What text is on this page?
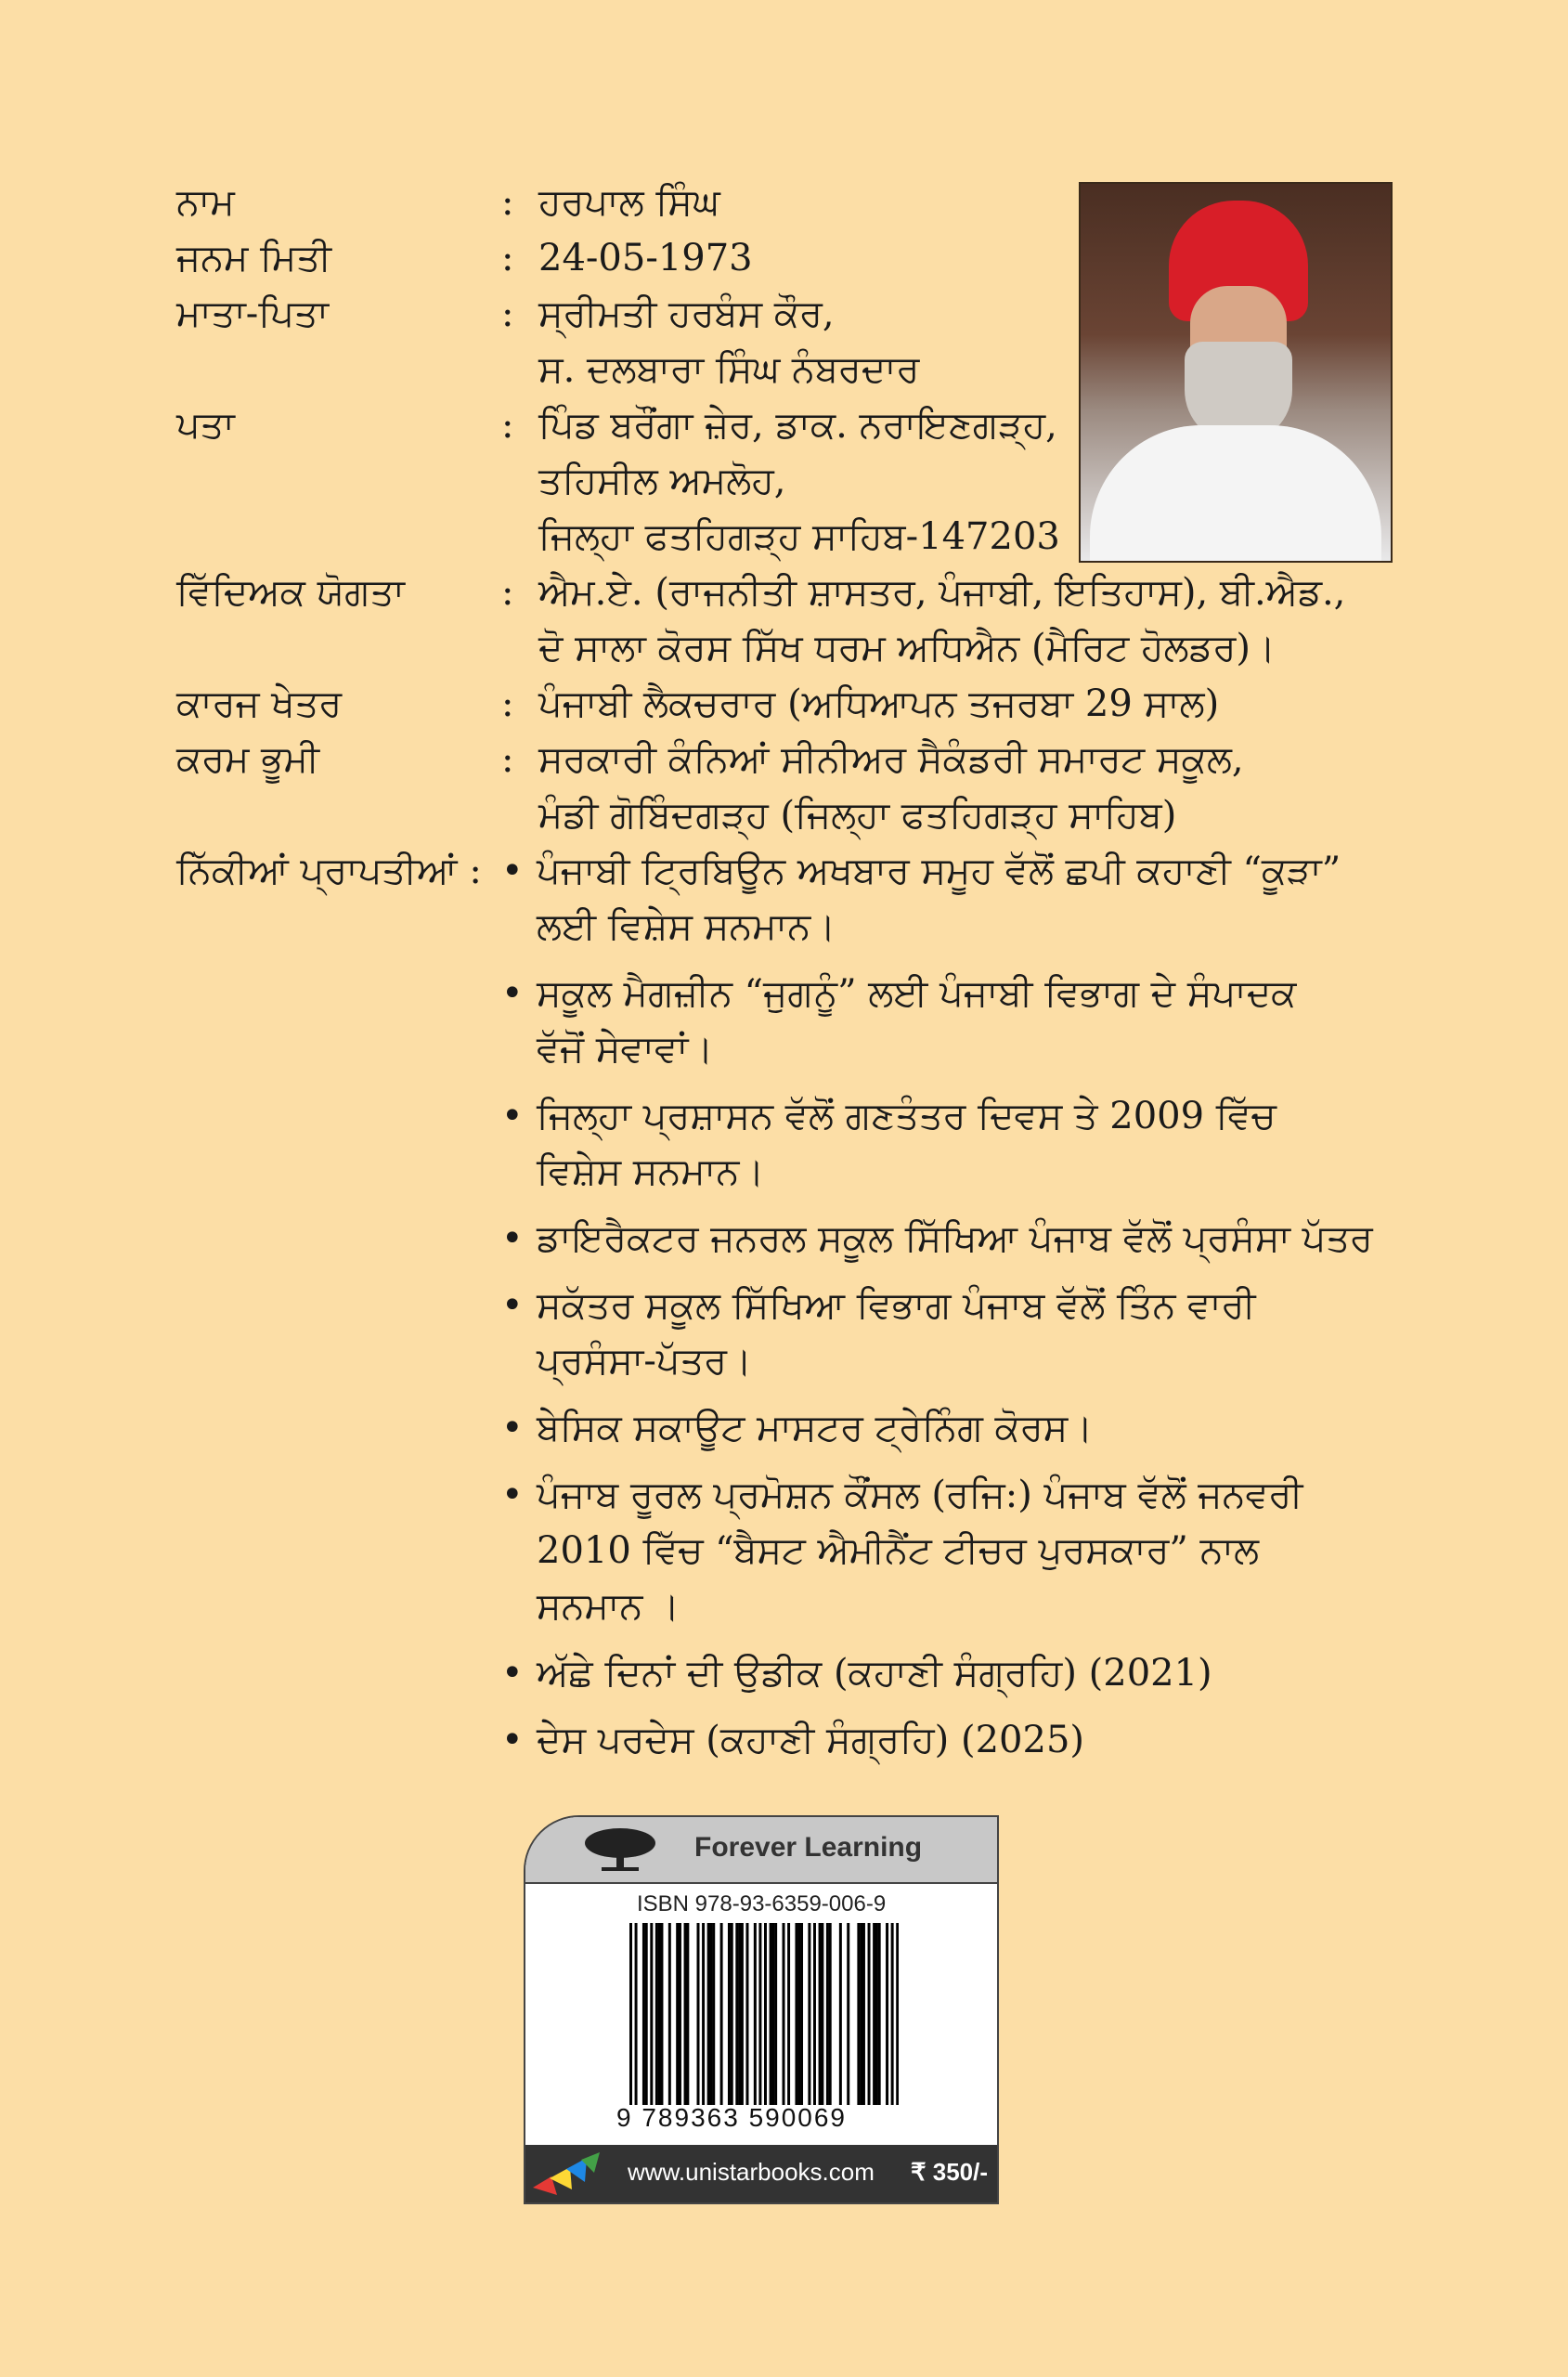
ਨਾਮ	: ਹਰਪਾਲ ਸਿੰਘ
ਜਨਮ ਮਿਤੀ	: 24-05-1973
ਮਾਤਾ-ਪਿਤਾ	: ਸ੍ਰੀਮਤੀ ਹਰਬੰਸ ਕੌਰ,
ਸ. ਦਲਬਾਰਾ ਸਿੰਘ ਨੰਬਰਦਾਰ
ਪਤਾ	: ਪਿੰਡ ਬਰੌਂਗਾ ਜ਼ੇਰ, ਡਾਕ. ਨਰਾਇਣਗੜ੍ਹ,
ਤਹਿਸੀਲ ਅਮਲੋਹ,
ਜਿਲ੍ਹਾ ਫਤਹਿਗੜ੍ਹ ਸਾਹਿਬ-147203
ਵਿੱਦਿਅਕ ਯੋਗਤਾ	: ਐਮ.ਏ. (ਰਾਜਨੀਤੀ ਸ਼ਾਸਤਰ, ਪੰਜਾਬੀ, ਇਤਿਹਾਸ), ਬੀ.ਐਡ.,
ਦੋ ਸਾਲਾ ਕੋਰਸ ਸਿੱਖ ਧਰਮ ਅਧਿਐਨ (ਮੈਰਿਟ ਹੋਲਡਰ)।
ਕਾਰਜ ਖੇਤਰ	: ਪੰਜਾਬੀ ਲੈਕਚਰਾਰ (ਅਧਿਆਪਨ ਤਜਰਬਾ 29 ਸਾਲ)
ਕਰਮ ਭੂਮੀ	: ਸਰਕਾਰੀ ਕੰਨਿਆਂ ਸੀਨੀਅਰ ਸੈਕੰਡਰੀ ਸਮਾਰਟ ਸਕੂਲ,
ਮੰਡੀ ਗੋਬਿੰਦਗੜ੍ਹ (ਜਿਲ੍ਹਾ ਫਤਹਿਗੜ੍ਹ ਸਾਹਿਬ)
ਨਿੱਕੀਆਂ ਪ੍ਰਾਪਤੀਆਂ : • ਪੰਜਾਬੀ ਟ੍ਰਿਬਿਊਨ ਅਖਬਾਰ ਸਮੂਹ ਵੱਲੋਂ ਛਪੀ ਕਹਾਣੀ “ਕੂੜਾ”
ਲਈ ਵਿਸ਼ੇਸ ਸਨਮਾਨ।
• ਸਕੂਲ ਮੈਗਜ਼ੀਨ “ਜੁਗਨੂੰ” ਲਈ ਪੰਜਾਬੀ ਵਿਭਾਗ ਦੇ ਸੰਪਾਦਕ
ਵੱਜੋਂ ਸੇਵਾਵਾਂ।
• ਜਿਲ੍ਹਾ ਪ੍ਰਸ਼ਾਸਨ ਵੱਲੋਂ ਗਣਤੰਤਰ ਦਿਵਸ ਤੇ 2009 ਵਿੱਚ
ਵਿਸ਼ੇਸ ਸਨਮਾਨ।
• ਡਾਇਰੈਕਟਰ ਜਨਰਲ ਸਕੂਲ ਸਿੱਖਿਆ ਪੰਜਾਬ ਵੱਲੋਂ ਪ੍ਰਸੰਸਾ ਪੱਤਰ
• ਸਕੱਤਰ ਸਕੂਲ ਸਿੱਖਿਆ ਵਿਭਾਗ ਪੰਜਾਬ ਵੱਲੋਂ ਤਿੰਨ ਵਾਰੀ
ਪ੍ਰਸੰਸਾ-ਪੱਤਰ।
• ਬੇਸਿਕ ਸਕਾਊਟ ਮਾਸਟਰ ਟ੍ਰੇਨਿੰਗ ਕੋਰਸ।
• ਪੰਜਾਬ ਰੂਰਲ ਪ੍ਰਮੋਸ਼ਨ ਕੌਂਸਲ (ਰਜਿ:) ਪੰਜਾਬ ਵੱਲੋਂ ਜਨਵਰੀ
2010 ਵਿੱਚ “ਬੈਸਟ ਐਮੀਨੈਂਟ ਟੀਚਰ ਪੁਰਸਕਾਰ” ਨਾਲ
ਸਨਮਾਨ ।
• ਅੱਛੇ ਦਿਨਾਂ ਦੀ ਉਡੀਕ (ਕਹਾਣੀ ਸੰਗ੍ਰਹਿ) (2021)
• ਦੇਸ ਪਰਦੇਸ (ਕਹਾਣੀ ਸੰਗ੍ਰਹਿ) (2025)
Forever Learning
ISBN 978-93-6359-006-9
9 789363 590069
www.unistarbooks.com ₹ 350/-
